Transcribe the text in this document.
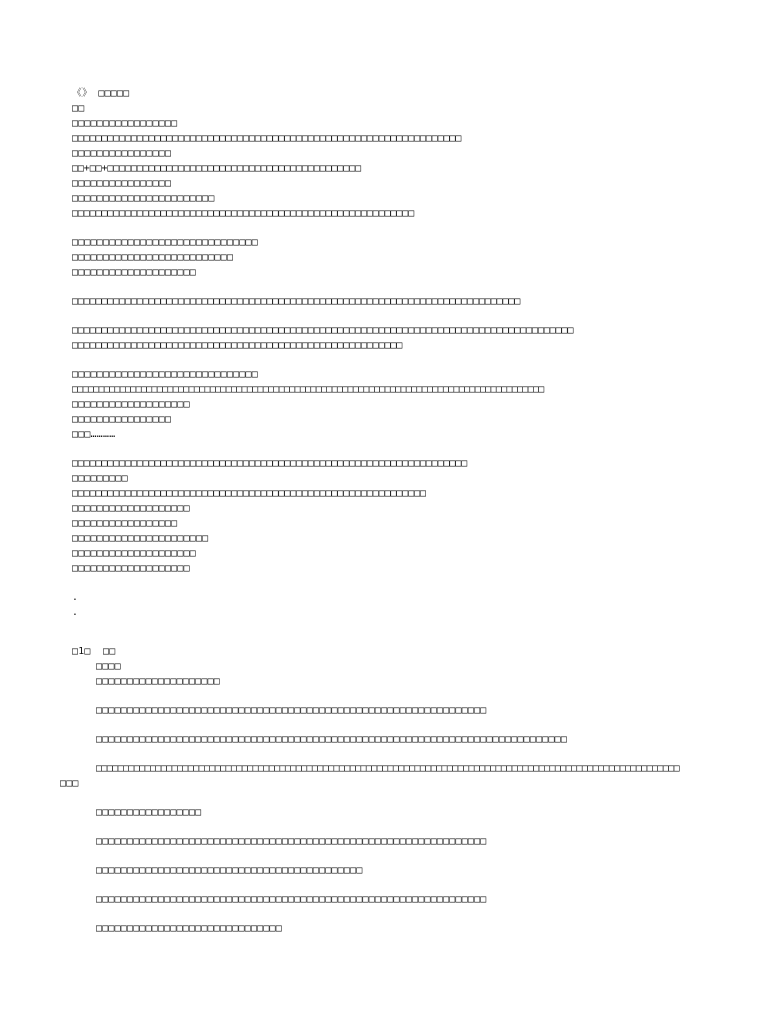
《》 □□□□□
□□
□□□□□□□□□□□□□□□□□
□□□□□□□□□□□□□□□□□□□□□□□□□□□□□□□□□□□□□□□□□□□□□□□□□□□□□□□□□□□□□□□□□□
□□□□□□□□□□□□□□□□
□□+□□+□□□□□□□□□□□□□□□□□□□□□□□□□□□□□□□□□□□□□□□□□□□
□□□□□□□□□□□□□□□□
□□□□□□□□□□□□□□□□□□□□□□□
□□□□□□□□□□□□□□□□□□□□□□□□□□□□□□□□□□□□□□□□□□□□□□□□□□□□□□□□□□
□□□□□□□□□□□□□□□□□□□□□□□□□□□□□□
□□□□□□□□□□□□□□□□□□□□□□□□□□
□□□□□□□□□□□□□□□□□□□□
□□□□□□□□□□□□□□□□□□□□□□□□□□□□□□□□□□□□□□□□□□□□□□□□□□□□□□□□□□□□□□□□□□□□□□□□□□□□
□□□□□□□□□□□□□□□□□□□□□□□□□□□□□□□□□□□□□□□□□□□□□□□□□□□□□□□□□□□□□□□□□□□□□□□□□□□□□□□□□□□□□
□□□□□□□□□□□□□□□□□□□□□□□□□□□□□□□□□□□□□□□□□□□□□□□□□□□□□□□□
□□□□□□□□□□□□□□□□□□□□□□□□□□□□□□
□□□□□□□□□□□□□□□□□□□□□□□□□□□□□□□□□□□□□□□□□□□□□□□□□□□□□□□□□□□□□□□□□□□□□□□□□□□□□□□□□□□□□□□□□
□□□□□□□□□□□□□□□□□□□
□□□□□□□□□□□□□□□□
□□□…………
□□□□□□□□□□□□□□□□□□□□□□□□□□□□□□□□□□□□□□□□□□□□□□□□□□□□□□□□□□□□□□□□□□□
□□□□□□□□□
□□□□□□□□□□□□□□□□□□□□□□□□□□□□□□□□□□□□□□□□□□□□□□□□□□□□□□□□□□□□
□□□□□□□□□□□□□□□□□□□
□□□□□□□□□□□□□□□□□
□□□□□□□□□□□□□□□□□□□□□□
□□□□□□□□□□□□□□□□□□□□
□□□□□□□□□□□□□□□□□□□
.
.
□1□  □□
□□□□
□□□□□□□□□□□□□□□□□□□□
□□□□□□□□□□□□□□□□□□□□□□□□□□□□□□□□□□□□□□□□□□□□□□□□□□□□□□□□□□□□□□□
□□□□□□□□□□□□□□□□□□□□□□□□□□□□□□□□□□□□□□□□□□□□□□□□□□□□□□□□□□□□□□□□□□□□□□□□□□□□
□□□□□□□□□□□□□□□□□□□□□□□□□□□□□□□□□□□□□□□□□□□□□□□□□□□□□□□□□□□□□□□□□□□□□□□□□□□□□□□□□□□□□□□□□□□□□□□□□□□□□□□□□□□□
□□□
□□□□□□□□□□□□□□□□□
□□□□□□□□□□□□□□□□□□□□□□□□□□□□□□□□□□□□□□□□□□□□□□□□□□□□□□□□□□□□□□□
□□□□□□□□□□□□□□□□□□□□□□□□□□□□□□□□□□□□□□□□□□□
□□□□□□□□□□□□□□□□□□□□□□□□□□□□□□□□□□□□□□□□□□□□□□□□□□□□□□□□□□□□□□□
□□□□□□□□□□□□□□□□□□□□□□□□□□□□□□
